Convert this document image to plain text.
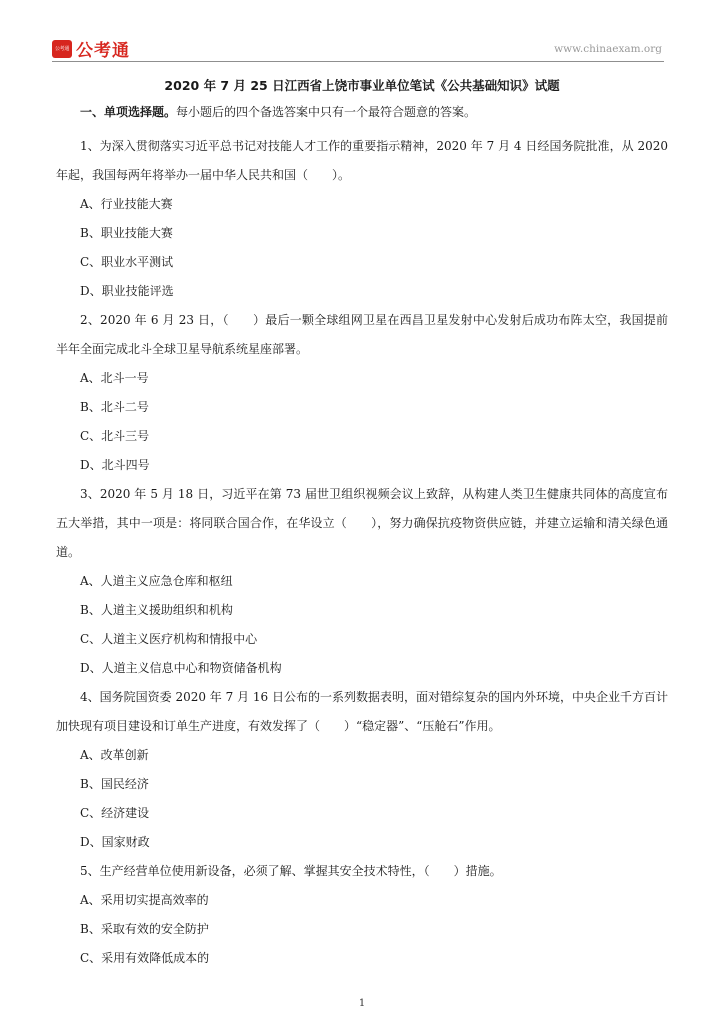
公考通 公考通	www.chinaexam.org
2020 年 7 月 25 日江西省上饶市事业单位笔试《公共基础知识》试题
一、单项选择题。每小题后的四个备选答案中只有一个最符合题意的答案。

1、为深入贯彻落实习近平总书记对技能人才工作的重要指示精神，2020 年 7 月 4 日经国务院批准，从 2020 年起，我国每两年将举办一届中华人民共和国（　　）。

A、行业技能大赛
B、职业技能大赛
C、职业水平测试
D、职业技能评选

2、2020 年 6 月 23 日，（　　）最后一颗全球组网卫星在西昌卫星发射中心发射后成功布阵太空，我国提前半年全面完成北斗全球卫星导航系统星座部署。

A、北斗一号
B、北斗二号
C、北斗三号
D、北斗四号

3、2020 年 5 月 18 日，习近平在第 73 届世卫组织视频会议上致辞，从构建人类卫生健康共同体的高度宣布五大举措，其中一项是：将同联合国合作，在华设立（　　），努力确保抗疫物资供应链，并建立运输和清关绿色通道。

A、人道主义应急仓库和枢纽
B、人道主义援助组织和机构
C、人道主义医疗机构和情报中心
D、人道主义信息中心和物资储备机构

4、国务院国资委 2020 年 7 月 16 日公布的一系列数据表明，面对错综复杂的国内外环境，中央企业千方百计加快现有项目建设和订单生产进度，有效发挥了（　　）“稳定器”、“压舱石”作用。

A、改革创新
B、国民经济
C、经济建设
D、国家财政

5、生产经营单位使用新设备，必须了解、掌握其安全技术特性，（　　）措施。

A、采用切实提高效率的
B、采取有效的安全防护
C、采用有效降低成本的
1
